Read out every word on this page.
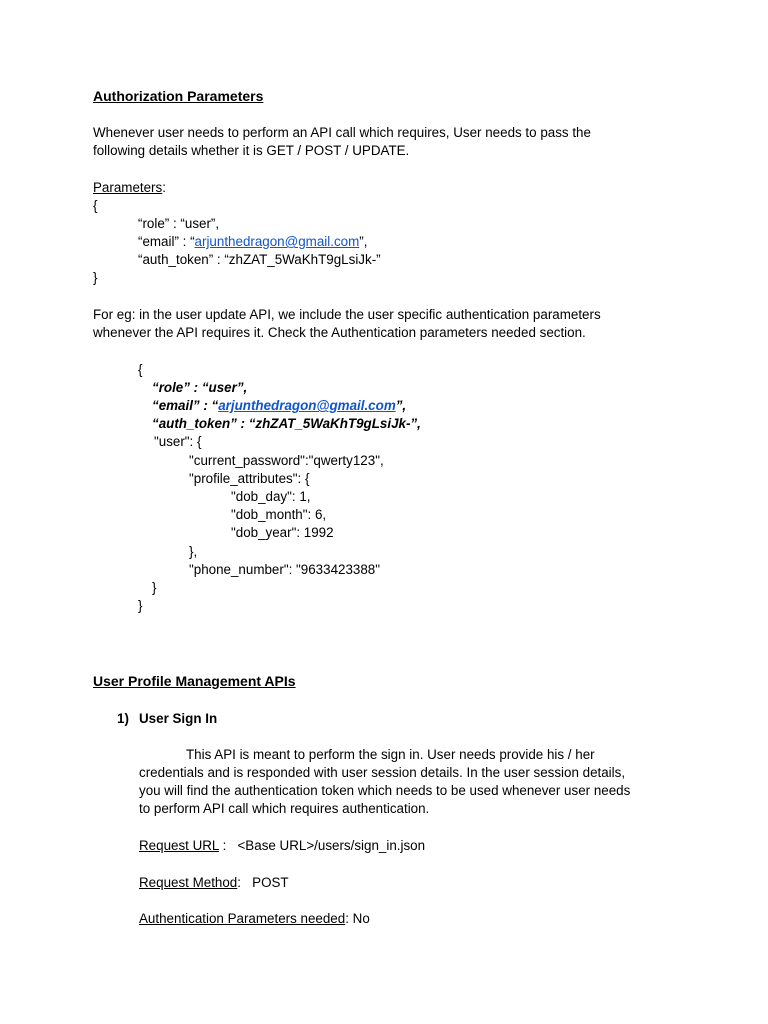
Authorization Parameters
Whenever user needs to perform an API call which requires, User needs to pass the
following details whether it is GET / POST / UPDATE.
Parameters:
{
“role” : “user”,
“email” : “arjunthedragon@gmail.com”,
“auth_token” : “zhZAT_5WaKhT9gLsiJk-”
}
For eg: in the user update API, we include the user specific authentication parameters
whenever the API requires it. Check the Authentication parameters needed section.
{
“role” : “user”,
“email” : “arjunthedragon@gmail.com”,
“auth_token” : “zhZAT_5WaKhT9gLsiJk-”,
"user": {
"current_password":"qwerty123",
"profile_attributes": {
"dob_day": 1,
"dob_month": 6,
"dob_year": 1992
},
"phone_number": "9633423388"
}
}
User Profile Management APIs
1) User Sign In
This API is meant to perform the sign in. User needs provide his / her
credentials and is responded with user session details. In the user session details,
you will find the authentication token which needs to be used whenever user needs
to perform API call which requires authentication.
Request URL :   <Base URL>/users/sign_in.json
Request Method:   POST
Authentication Parameters needed: No
